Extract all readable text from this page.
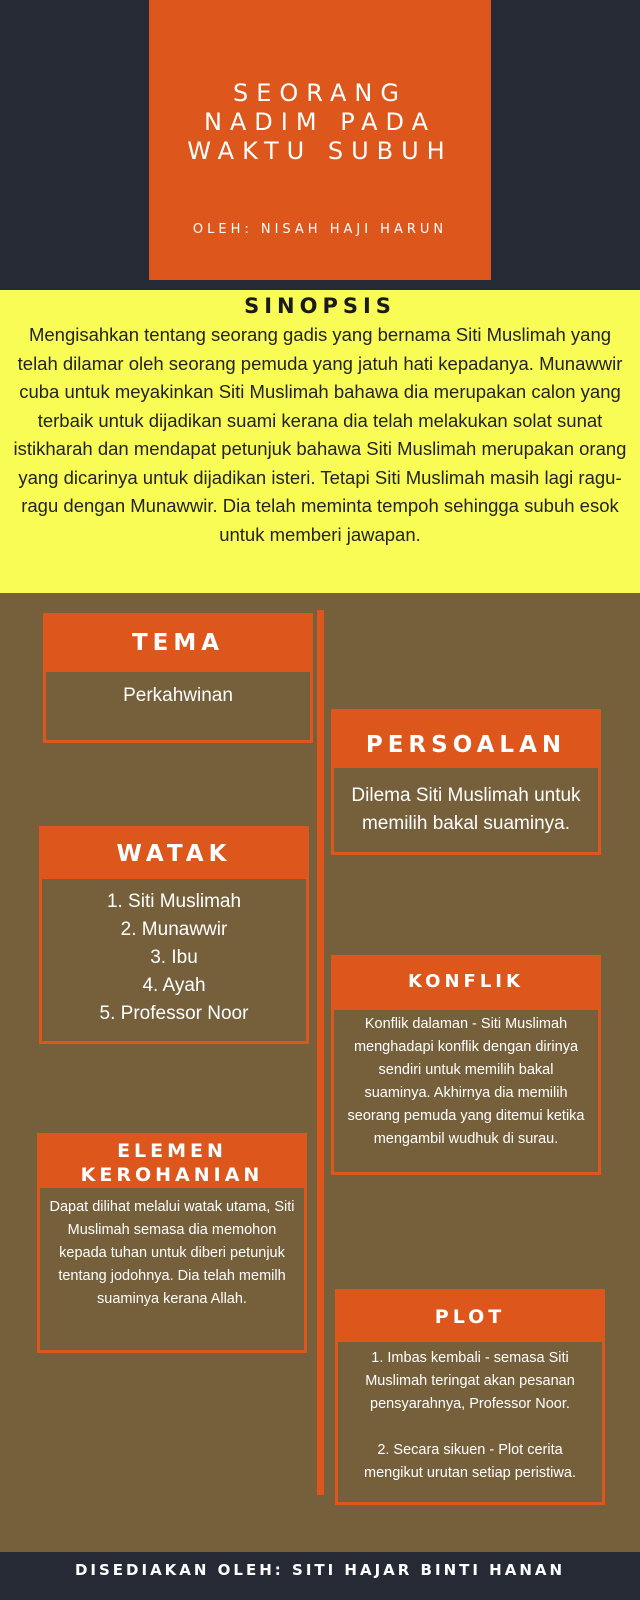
SEORANG
NADIM PADA
WAKTU SUBUH
OLEH: NISAH HAJI HARUN
SINOPSIS
Mengisahkan tentang seorang gadis yang bernama Siti Muslimah yang telah dilamar oleh seorang pemuda yang jatuh hati kepadanya. Munawwir cuba untuk meyakinkan Siti Muslimah bahawa dia merupakan calon yang terbaik untuk dijadikan suami kerana dia telah melakukan solat sunat istikharah dan mendapat petunjuk bahawa Siti Muslimah merupakan orang yang dicarinya untuk dijadikan isteri. Tetapi Siti Muslimah masih lagi ragu-ragu dengan Munawwir. Dia telah meminta tempoh sehingga subuh esok untuk memberi jawapan.
TEMA
Perkahwinan
PERSOALAN
Dilema Siti Muslimah untuk memilih bakal suaminya.
WATAK
1. Siti Muslimah
2. Munawwir
3. Ibu
4. Ayah
5. Professor Noor
KONFLIK
Konflik dalaman - Siti Muslimah menghadapi konflik dengan dirinya sendiri untuk memilih bakal suaminya. Akhirnya dia memilih seorang pemuda yang ditemui ketika mengambil wudhuk di surau.
ELEMEN
KEROHANIAN
Dapat dilihat melalui watak utama, Siti Muslimah semasa dia memohon kepada tuhan untuk diberi petunjuk tentang jodohnya. Dia telah memilh suaminya kerana Allah.
PLOT
1. Imbas kembali - semasa Siti Muslimah teringat akan pesanan pensyarahnya, Professor Noor.
2. Secara sikuen - Plot cerita mengikut urutan setiap peristiwa.
DISEDIAKAN OLEH: SITI HAJAR BINTI HANAN
